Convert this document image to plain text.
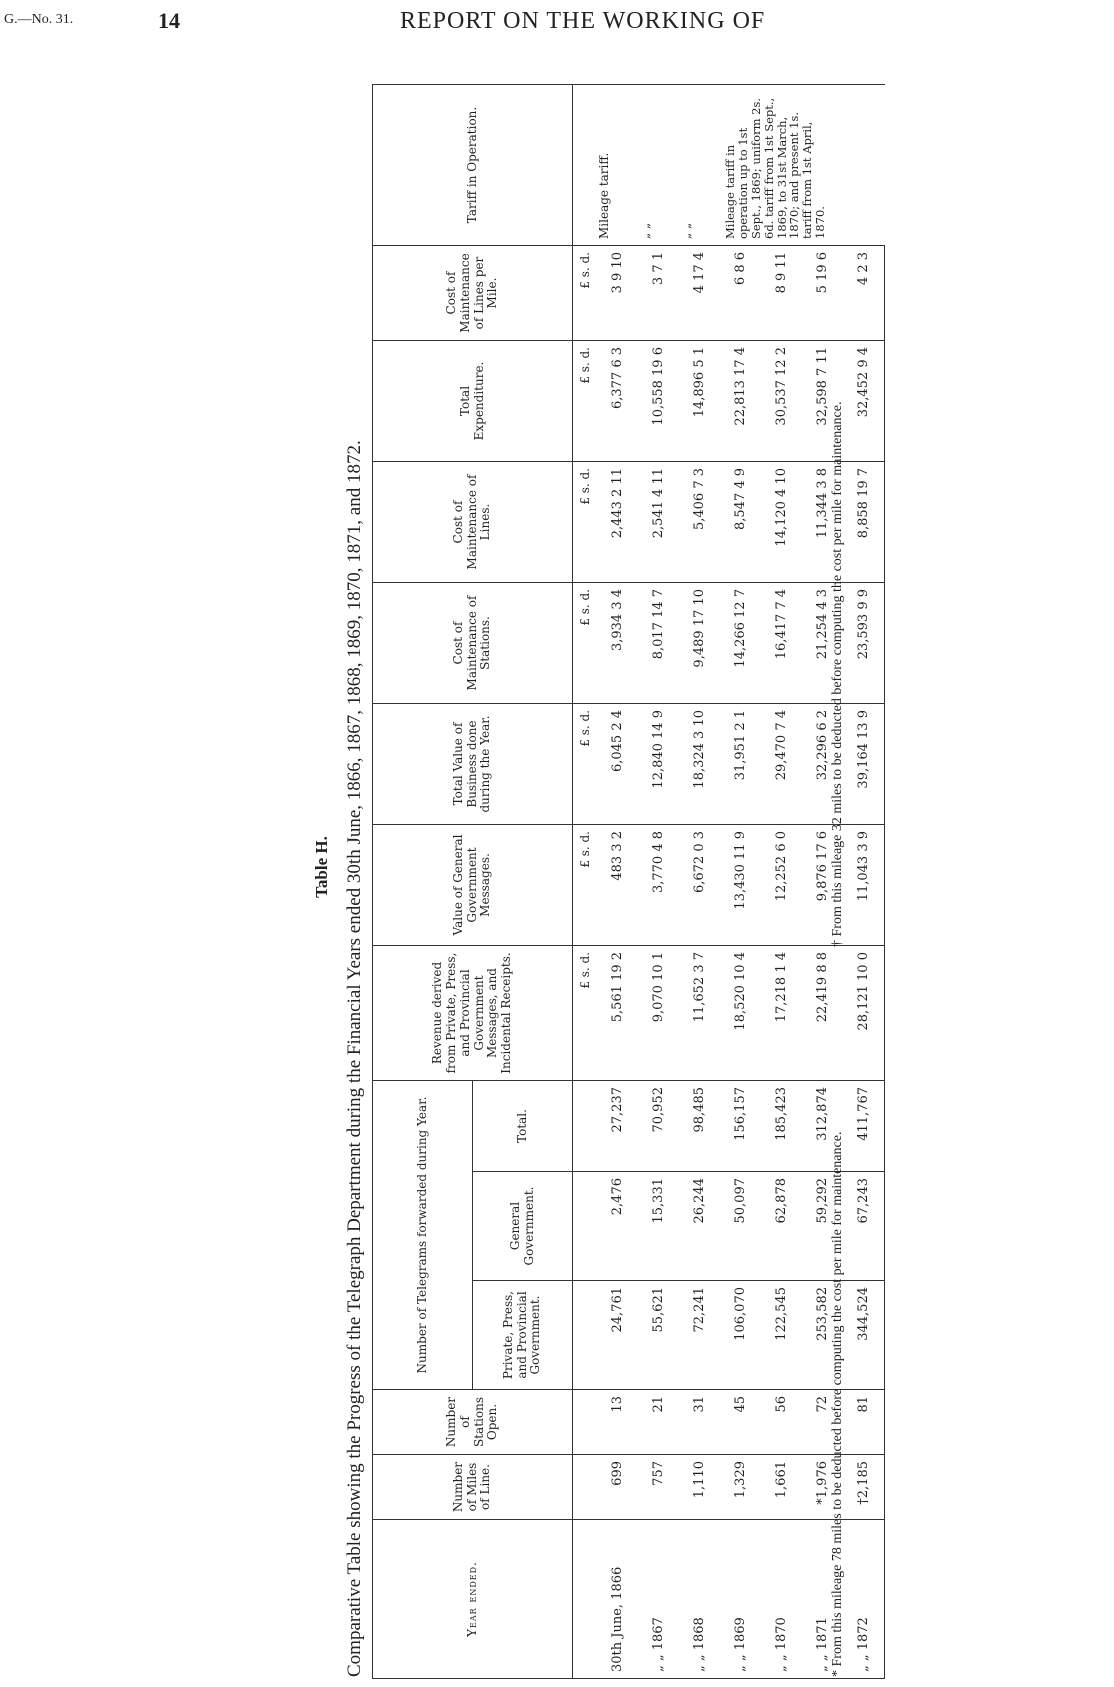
G.—No. 31.	14	REPORT ON THE WORKING OF
Table H. Comparative Table showing the Progress of the Telegraph Department during the Financial Years ended 30th June, 1866, 1867, 1868, 1869, 1870, 1871, and 1872.	Year ended.	Number of Miles of Line.	Number of Stations Open.	Number of Telegrams forwarded during Year.			Revenue derived from Private, Press, and Provincial Government Messages, and Incidental Receipts.	Value of General Government Messages.	Total Value of Business done during the Year.	Cost of Maintenance of Stations.	Cost of Maintenance of Lines.	Total Expenditure.	Cost of Maintenance of Lines per Mile.	Tariff in Operation.
			Private, Press, and Provincial Government.	General Government.	Total.								
						£ s. d.	£ s. d.	£ s. d.	£ s. d.	£ s. d.	£ s. d.	£ s. d.	
30th June, 1866	699	13	24,761	2,476	27,237	5,561 19 2	483 3 2	6,045 2 4	3,934 3 4	2,443 2 11	6,377 6 3	3 9 10	Mileage tariff.
„ „ 1867	757	21	55,621	15,331	70,952	9,070 10 1	3,770 4 8	12,840 14 9	8,017 14 7	2,541 4 11	10,558 19 6	3 7 1	„ „
„ „ 1868	1,110	31	72,241	26,244	98,485	11,652 3 7	6,672 0 3	18,324 3 10	9,489 17 10	5,406 7 3	14,896 5 1	4 17 4	„ „
„ „ 1869	1,329	45	106,070	50,097	156,157	18,520 10 4	13,430 11 9	31,951 2 1	14,266 12 7	8,547 4 9	22,813 17 4	6 8 6	Mileage tariff in operation up to 1st Sept., 1869; uniform 2s. 6d. tariff from 1st Sept., 1869, to 31st March, 1870; and present 1s. tariff from 1st April, 1870.
„ „ 1870	1,661	56	122,545	62,878	185,423	17,218 1 4	12,252 6 0	29,470 7 4	16,417 7 4	14,120 4 10	30,537 12 2	8 9 11	
„ „ 1871	*1,976	72	253,582	59,292	312,874	22,419 8 8	9,876 17 6	32,296 6 2	21,254 4 3	11,344 3 8	32,598 7 11	5 19 6	
„ „ 1872	†2,185	81	344,524	67,243	411,767	28,121 10 0	11,043 3 9	39,164 13 9	23,593 9 9	8,858 19 7	32,452 9 4	4 2 3	
* From this mileage 78 miles to be deducted before computing the cost per mile for maintenance.
† From this mileage 32 miles to be deducted before computing the cost per mile for maintenance.
